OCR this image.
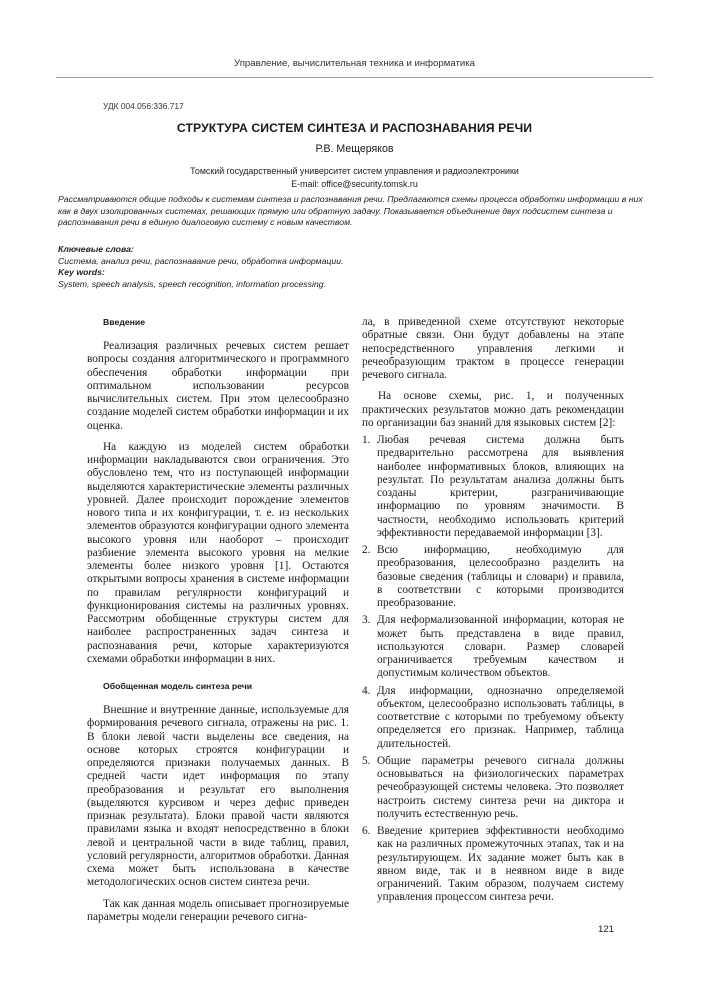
Управление, вычислительная техника и информатика
УДК 004.056:336.717
СТРУКТУРА СИСТЕМ СИНТЕЗА И РАСПОЗНАВАНИЯ РЕЧИ
Р.В. Мещеряков
Томский государственный университет систем управления и радиоэлектроники
E-mail: office@security.tomsk.ru
Рассматриваются общие подходы к системам синтеза и распознавания речи. Предлагаются схемы процесса обработки информации в них как в двух изолированных системах, решающих прямую или обратную задачу. Показывается объединение двух подсистем синтеза и распознавания речи в единую диалоговую систему с новым качеством.
Ключевые слова:
Система, анализ речи, распознавание речи, обработка информации.
Key words:
System, speech analysis, speech recognition, information processing.
Введение

Реализация различных речевых систем решает вопросы создания алгоритмического и программного обеспечения обработки информации при оптимальном использовании ресурсов вычислительных систем. При этом целесообразно создание моделей систем обработки информации и их оценка.

На каждую из моделей систем обработки информации накладываются свои ограничения. Это обусловлено тем, что из поступающей информации выделяются характеристические элементы различных уровней. Далее происходит порождение элементов нового типа и их конфигурации, т. е. из нескольких элементов образуются конфигурации одного элемента высокого уровня или наоборот – происходит разбиение элемента высокого уровня на мелкие элементы более низкого уровня [1]. Остаются открытыми вопросы хранения в системе информации по правилам регулярности конфигураций и функционирования системы на различных уровнях. Рассмотрим обобщенные структуры систем для наиболее распространенных задач синтеза и распознавания речи, которые характеризуются схемами обработки информации в них.

Обобщенная модель синтеза речи

Внешние и внутренние данные, используемые для формирования речевого сигнала, отражены на рис. 1. В блоки левой части выделены все сведения, на основе которых строятся конфигурации и определяются признаки получаемых данных. В средней части идет информация по этапу преобразования и результат его выполнения (выделяются курсивом и через дефис приведен признак результата). Блоки правой части являются правилами языка и входят непосредственно в блоки левой и центральной части в виде таблиц, правил, условий регулярности, алгоритмов обработки. Данная схема может быть использована в качестве методологических основ систем синтеза речи.

Так как данная модель описывает прогнозируемые параметры модели генерации речевого сигна-

ла, в приведенной схеме отсутствуют некоторые обратные связи. Они будут добавлены на этапе непосредственного управления легкими и речеобразующим трактом в процессе генерации речевого сигнала.

На основе схемы, рис. 1, и полученных практических результатов можно дать рекомендации по организации баз знаний для языковых систем [2]:

1. Любая речевая система должна быть предварительно рассмотрена для выявления наиболее информативных блоков, влияющих на результат. По результатам анализа должны быть созданы критерии, разграничивающие информацию по уровням значимости. В частности, необходимо использовать критерий эффективности передаваемой информации [3].
2. Всю информацию, необходимую для преобразования, целесообразно разделить на базовые сведения (таблицы и словари) и правила, в соответствии с которыми производится преобразование.
3. Для неформализованной информации, которая не может быть представлена в виде правил, используются словари. Размер словарей ограничивается требуемым качеством и допустимым количеством объектов.
4. Для информации, однозначно определяемой объектом, целесообразно использовать таблицы, в соответствие с которыми по требуемому объекту определяется его признак. Например, таблица длительностей.
5. Общие параметры речевого сигнала должны основываться на физиологических параметрах речеобразующей системы человека. Это позволяет настроить систему синтеза речи на диктора и получить естественную речь.
6. Введение критериев эффективности необходимо как на различных промежуточных этапах, так и на результирующем. Их задание может быть как в явном виде, так и в неявном виде в виде ограничений. Таким образом, получаем систему управления процессом синтеза речи.
121
